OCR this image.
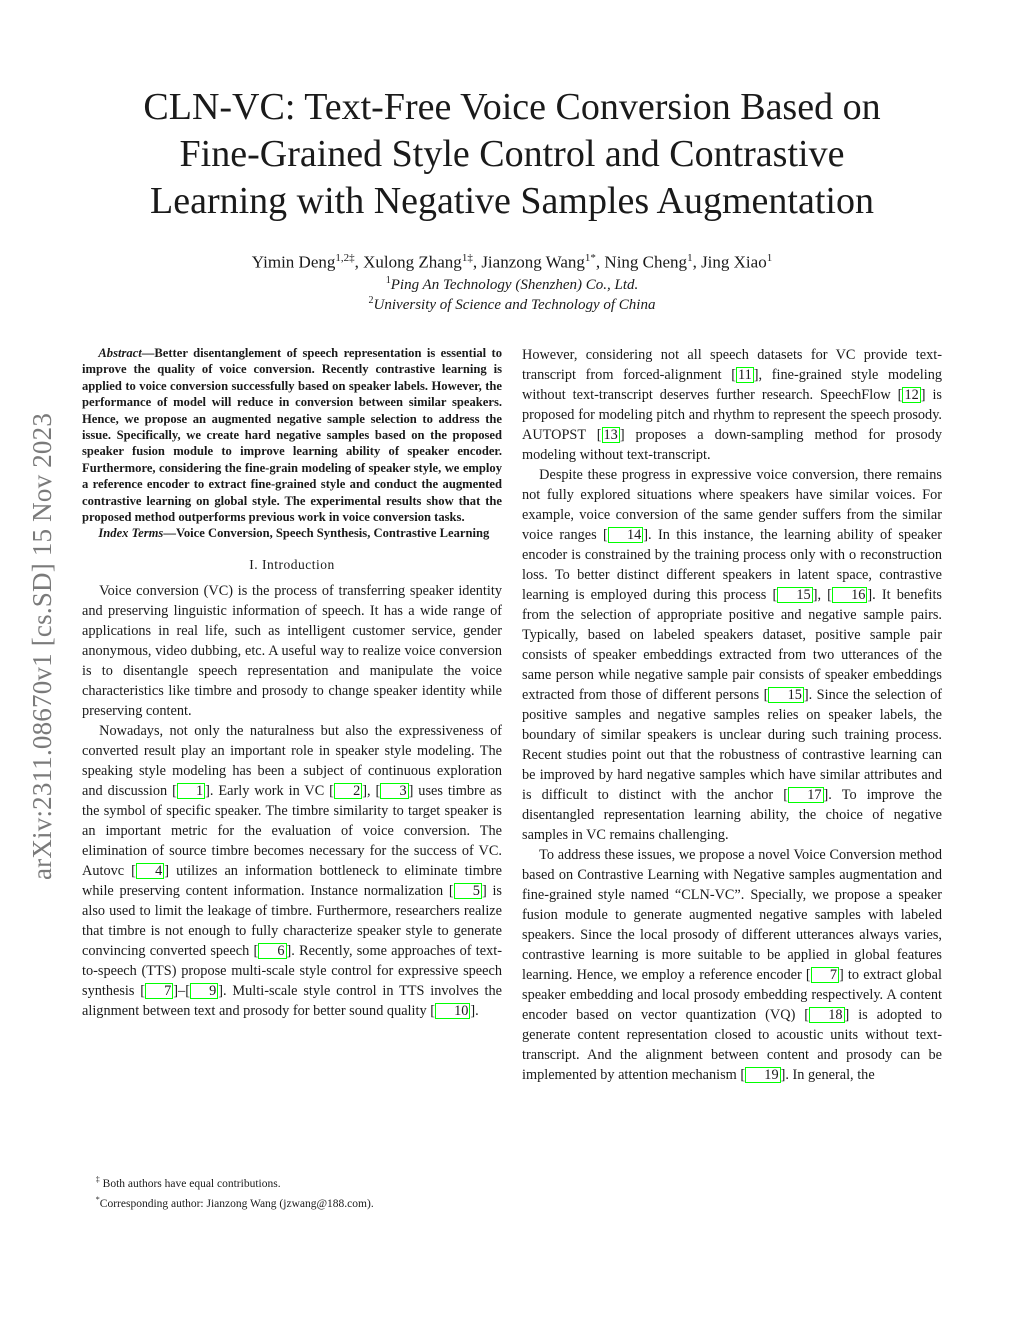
CLN-VC: Text-Free Voice Conversion Based on
Fine-Grained Style Control and Contrastive
Learning with Negative Samples Augmentation
Yimin Deng$^{1,2\ddagger}$, Xulong Zhang$^{1\ddagger}$, Jianzong Wang$^{1*}$, Ning Cheng$^1$, Jing Xiao$^1$
$^1$Ping An Technology (Shenzhen) Co., Ltd.
$^2$University of Science and Technology of China
arXiv:2311.08670v1 [cs.SD] 15 Nov 2023

Abstract—Better disentanglement of speech representation is essential to improve the quality of voice conversion. Recently contrastive learning is applied to voice conversion successfully based on speaker labels. However, the performance of model will reduce in conversion between similar speakers. Hence, we propose an augmented negative sample selection to address the issue. Specifically, we create hard negative samples based on the proposed speaker fusion module to improve learning ability of speaker encoder. Furthermore, considering the fine-grain modeling of speaker style, we employ a reference encoder to extract fine-grained style and conduct the augmented contrastive learning on global style. The experimental results show that the proposed method outperforms previous work in voice conversion tasks.

Index Terms—Voice Conversion, Speech Synthesis, Contrastive Learning

I. Introduction

Voice conversion (VC) is the process of transferring speaker identity and preserving linguistic information of speech. It has a wide range of applications in real life, such as intelligent customer service, gender anonymous, video dubbing, etc. A useful way to realize voice conversion is to disentangle speech representation and manipulate the voice characteristics like timbre and prosody to change speaker identity while preserving content.

Nowadays, not only the naturalness but also the expressiveness of converted result play an important role in speaker style modeling. The speaking style modeling has been a subject of continuous exploration and discussion [ 1 ]. Early work in VC [ 2 ], [ 3 ] uses timbre as the symbol of specific speaker. The timbre similarity to target speaker is an important metric for the evaluation of voice conversion. The elimination of source timbre becomes necessary for the success of VC. Autovc [ 4 ] utilizes an information bottleneck to eliminate timbre while preserving content information. Instance normalization [ 5 ] is also used to limit the leakage of timbre. Furthermore, researchers realize that timbre is not enough to fully characterize speaker style to generate convincing converted speech [ 6 ]. Recently, some approaches of text-to-speech (TTS) propose multi-scale style control for expressive speech synthesis [ 7 ]–[ 9 ]. Multi-scale style control in TTS involves the alignment between text and prosody for better sound quality [ 10 ].

However, considering not all speech datasets for VC provide text-transcript from forced-alignment [ 11 ], fine-grained style modeling without text-transcript deserves further research. SpeechFlow [ 12 ] is proposed for modeling pitch and rhythm to represent the speech prosody. AUTOPST [ 13 ] proposes a down-sampling method for prosody modeling without text-transcript.

Despite these progress in expressive voice conversion, there remains not fully explored situations where speakers have similar voices. For example, voice conversion of the same gender suffers from the similar voice ranges [ 14 ]. In this instance, the learning ability of speaker encoder is constrained by the training process only with o reconstruction loss. To better distinct different speakers in latent space, contrastive learning is employed during this process [ 15 ], [ 16 ]. It benefits from the selection of appropriate positive and negative sample pairs. Typically, based on labeled speakers dataset, positive sample pair consists of speaker embeddings extracted from two utterances of the same person while negative sample pair consists of speaker embeddings extracted from those of different persons [ 15 ]. Since the selection of positive samples and negative samples relies on speaker labels, the boundary of similar speakers is unclear during such training process. Recent studies point out that the robustness of contrastive learning can be improved by hard negative samples which have similar attributes and is difficult to distinct with the anchor [ 17 ]. To improve the disentangled representation learning ability, the choice of negative samples in VC remains challenging.

To address these issues, we propose a novel Voice Conversion method based on Contrastive Learning with Negative samples augmentation and fine-grained style named “CLN-VC”. Specially, we propose a speaker fusion module to generate augmented negative samples with labeled speakers. Since the local prosody of different utterances always varies, contrastive learning is more suitable to be applied in global features learning. Hence, we employ a reference encoder [ 7 ] to extract global speaker embedding and local prosody embedding respectively. A content encoder based on vector quantization (VQ) [ 18 ] is adopted to generate content representation closed to acoustic units without text-transcript. And the alignment between content and prosody can be implemented by attention mechanism [ 19 ]. In general, the

‡ Both authors have equal contributions.
*Corresponding author: Jianzong Wang (jzwang@188.com).
